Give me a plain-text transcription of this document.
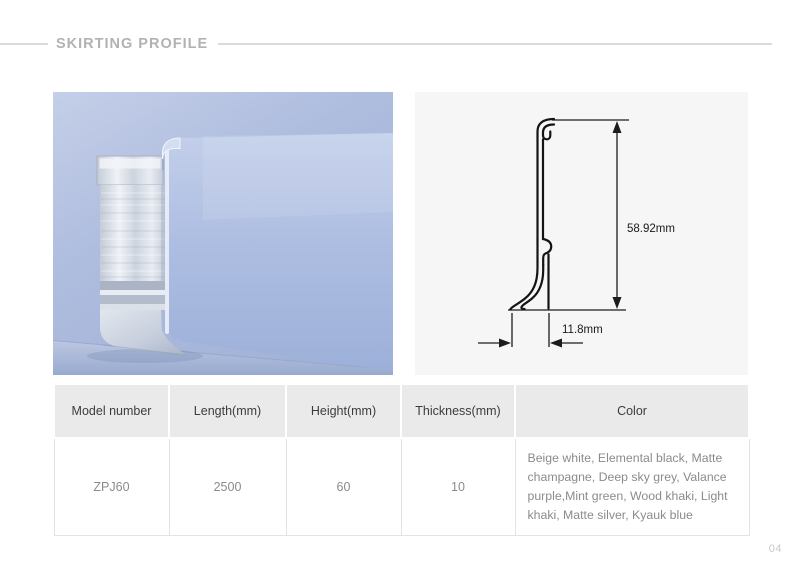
SKIRTING PROFILE
58.92mm
11.8mm
Model number	Length(mm)	Height(mm)	Thickness(mm)	Color
ZPJ60	2500	60	10	Beige white, Elemental black, Matte champagne, Deep sky grey, Valance purple,Mint green, Wood khaki, Light khaki, Matte silver, Kyauk blue
04
